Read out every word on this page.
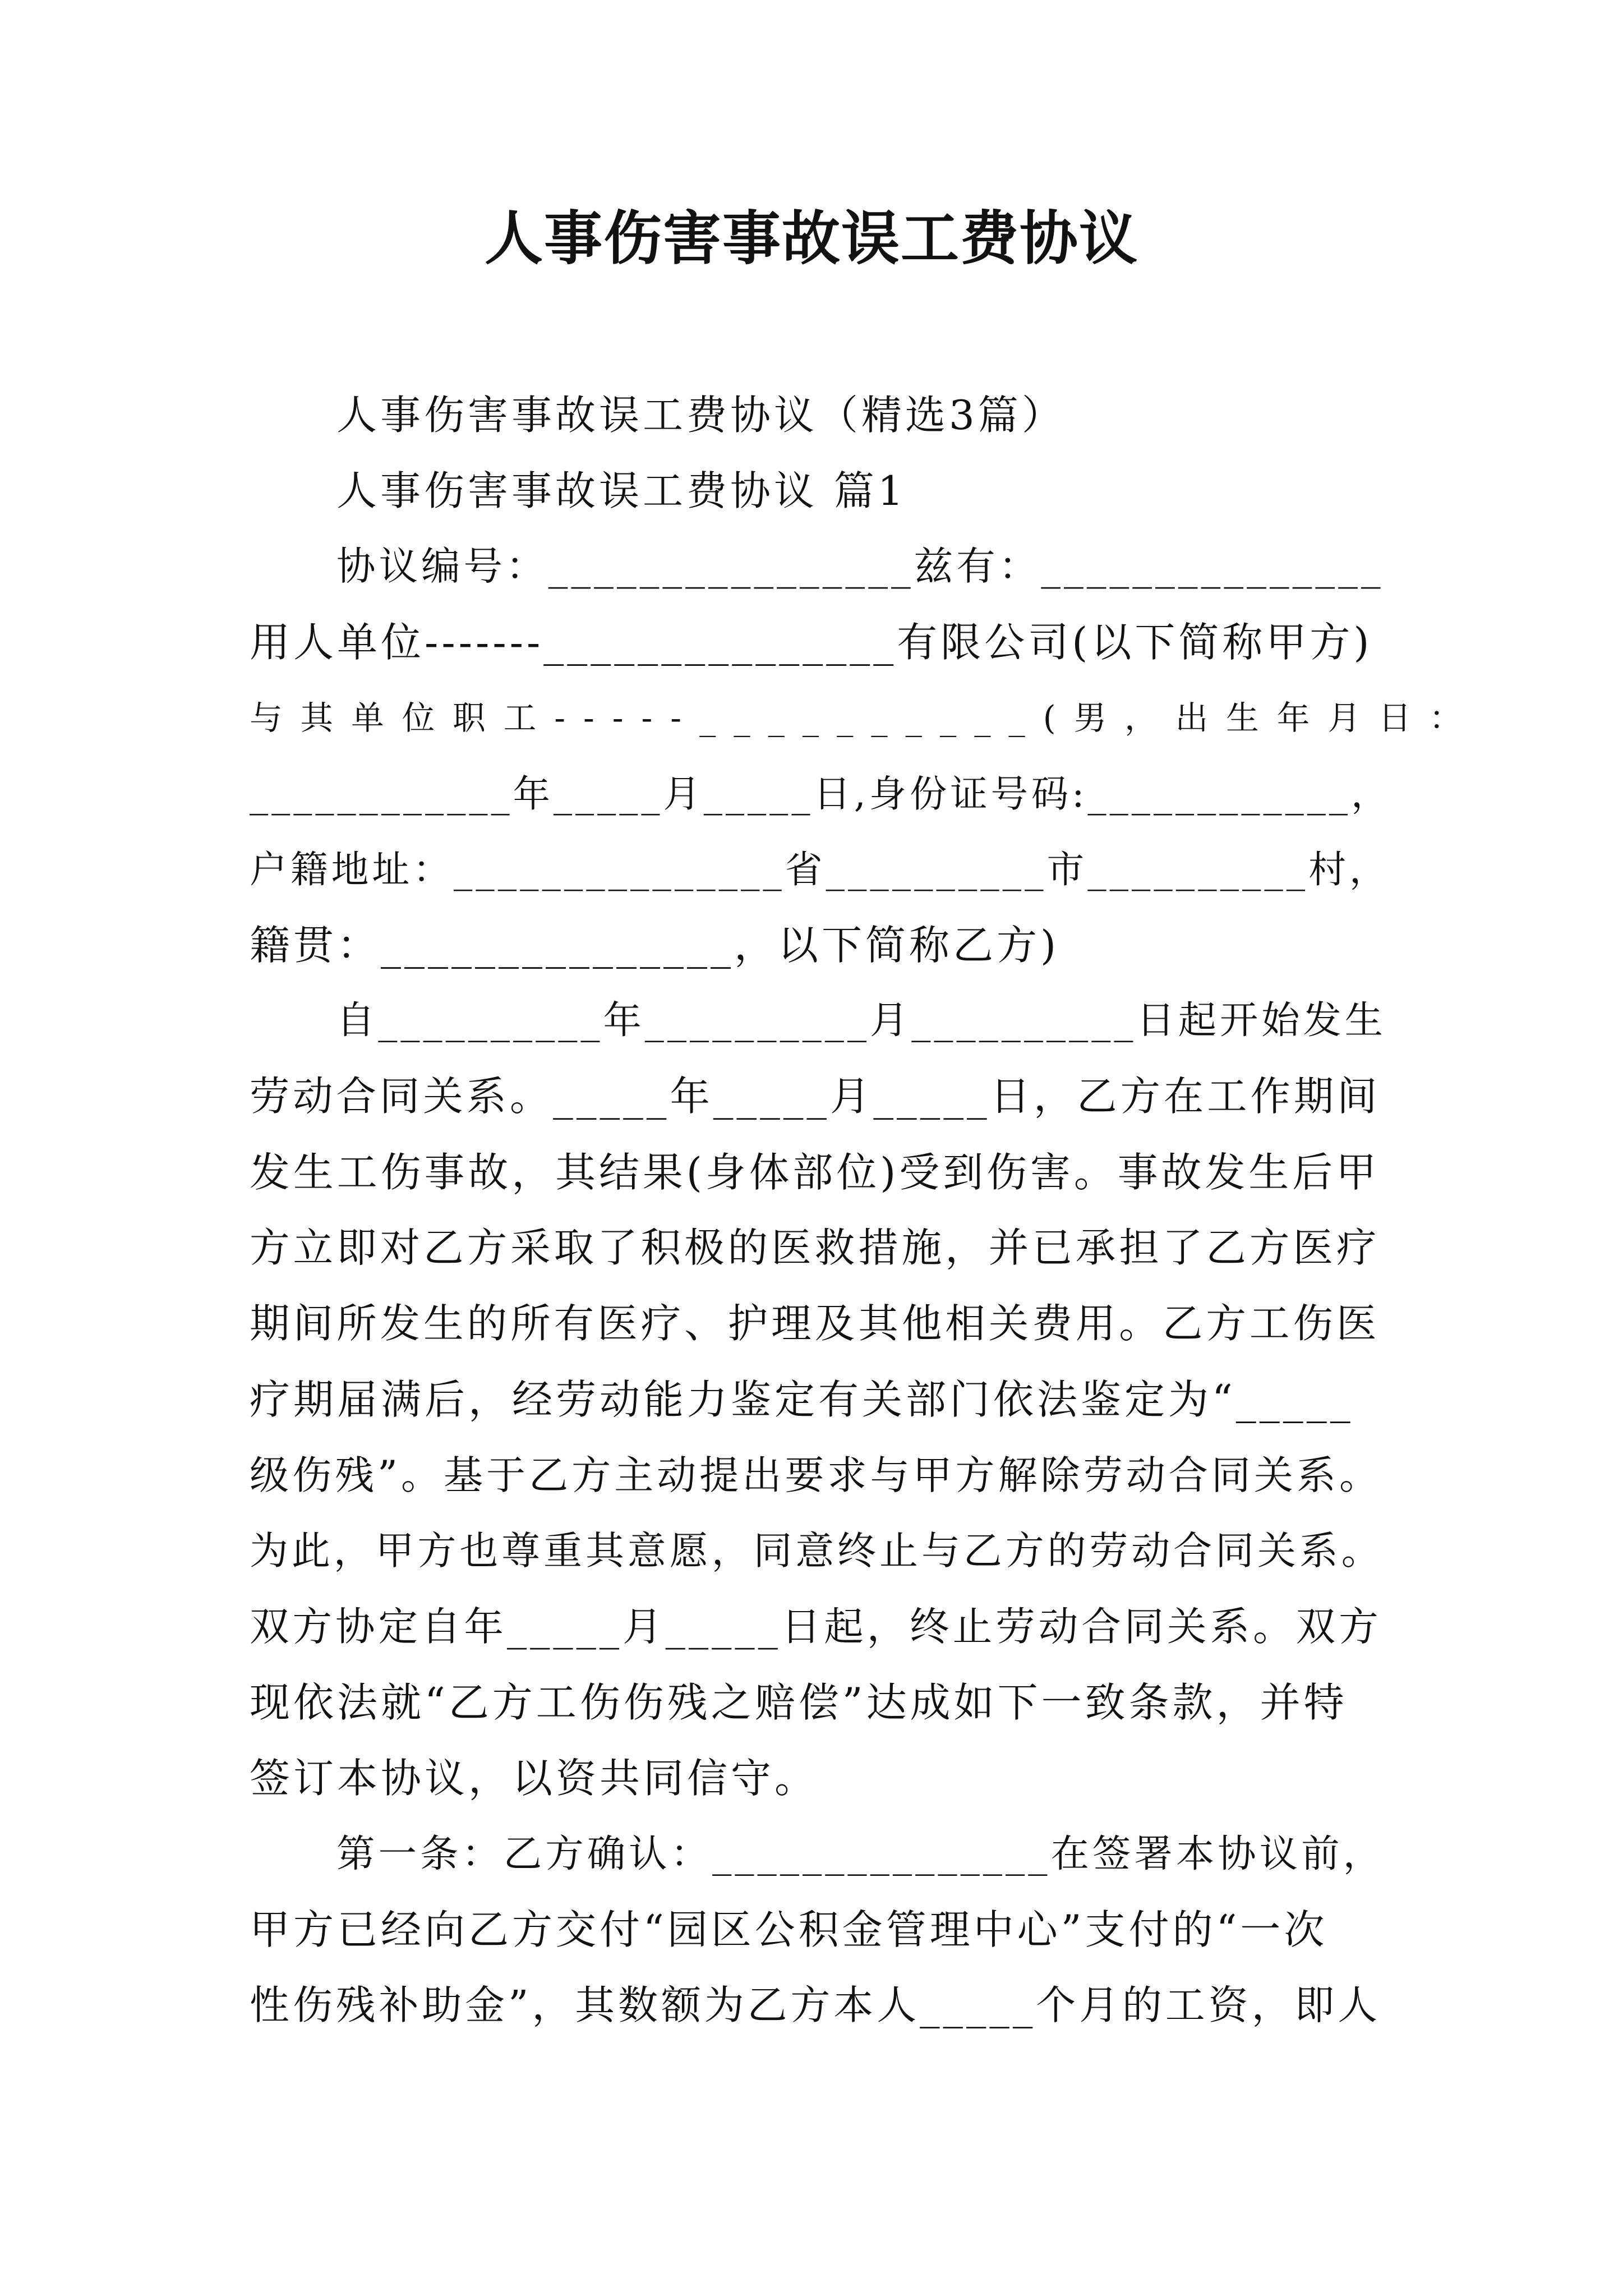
人事伤害事故误工费协议
人事伤害事故误工费协议（精选3篇）
人事伤害事故误工费协议 篇1
协议编号：________________兹有：_______________
用人单位-------_______________有限公司(以下简称甲方)
与其单位职工-----__________(男，出生年月日：
____________年_____月_____日,身份证号码:____________，
户籍地址：_______________省__________市__________村，
籍贯：_______________，以下简称乙方)
自__________年__________月__________日起开始发生
劳动合同关系。_____年_____月_____日，乙方在工作期间
发生工伤事故，其结果(身体部位)受到伤害。事故发生后甲
方立即对乙方采取了积极的医救措施，并已承担了乙方医疗
期间所发生的所有医疗、护理及其他相关费用。乙方工伤医
疗期届满后，经劳动能力鉴定有关部门依法鉴定为“_____
级伤残”。基于乙方主动提出要求与甲方解除劳动合同关系。
为此，甲方也尊重其意愿，同意终止与乙方的劳动合同关系。
双方协定自年_____月_____日起，终止劳动合同关系。双方
现依法就“乙方工伤伤残之赔偿”达成如下一致条款，并特
签订本协议，以资共同信守。
第一条：乙方确认：_______________在签署本协议前，
甲方已经向乙方交付“园区公积金管理中心”支付的“一次
性伤残补助金”，其数额为乙方本人_____个月的工资，即人
